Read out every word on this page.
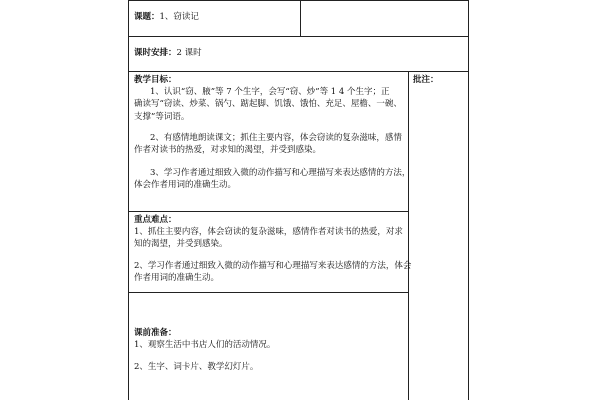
课题：1、窃读记
课时安排：2 课时
教学目标：
1、认识“窃、腋”等 7 个生字，会写“窃、炒”等 1 4 个生字；正
确读写“窃读、炒菜、锅勺、踮起脚、饥饿、饿怕、充足、屋檐、一碗、
支撑”等词语。
2、有感情地朗读课文；抓住主要内容，体会窃读的复杂滋味，感情
作者对读书的热爱，对求知的渴望，并受到感染。
3、学习作者通过细致入微的动作描写和心理描写来表达感情的方法，
体会作者用词的准确生动。
批注：
重点难点：
1、抓住主要内容，体会窃读的复杂滋味，感情作者对读书的热爱，对求
知的渴望，并受到感染。
2、学习作者通过细致入微的动作描写和心理描写来表达感情的方法，体会
作者用词的准确生动。
课前准备：
1、观察生活中书店人们的活动情况。
2、生字、词卡片、教学幻灯片。
